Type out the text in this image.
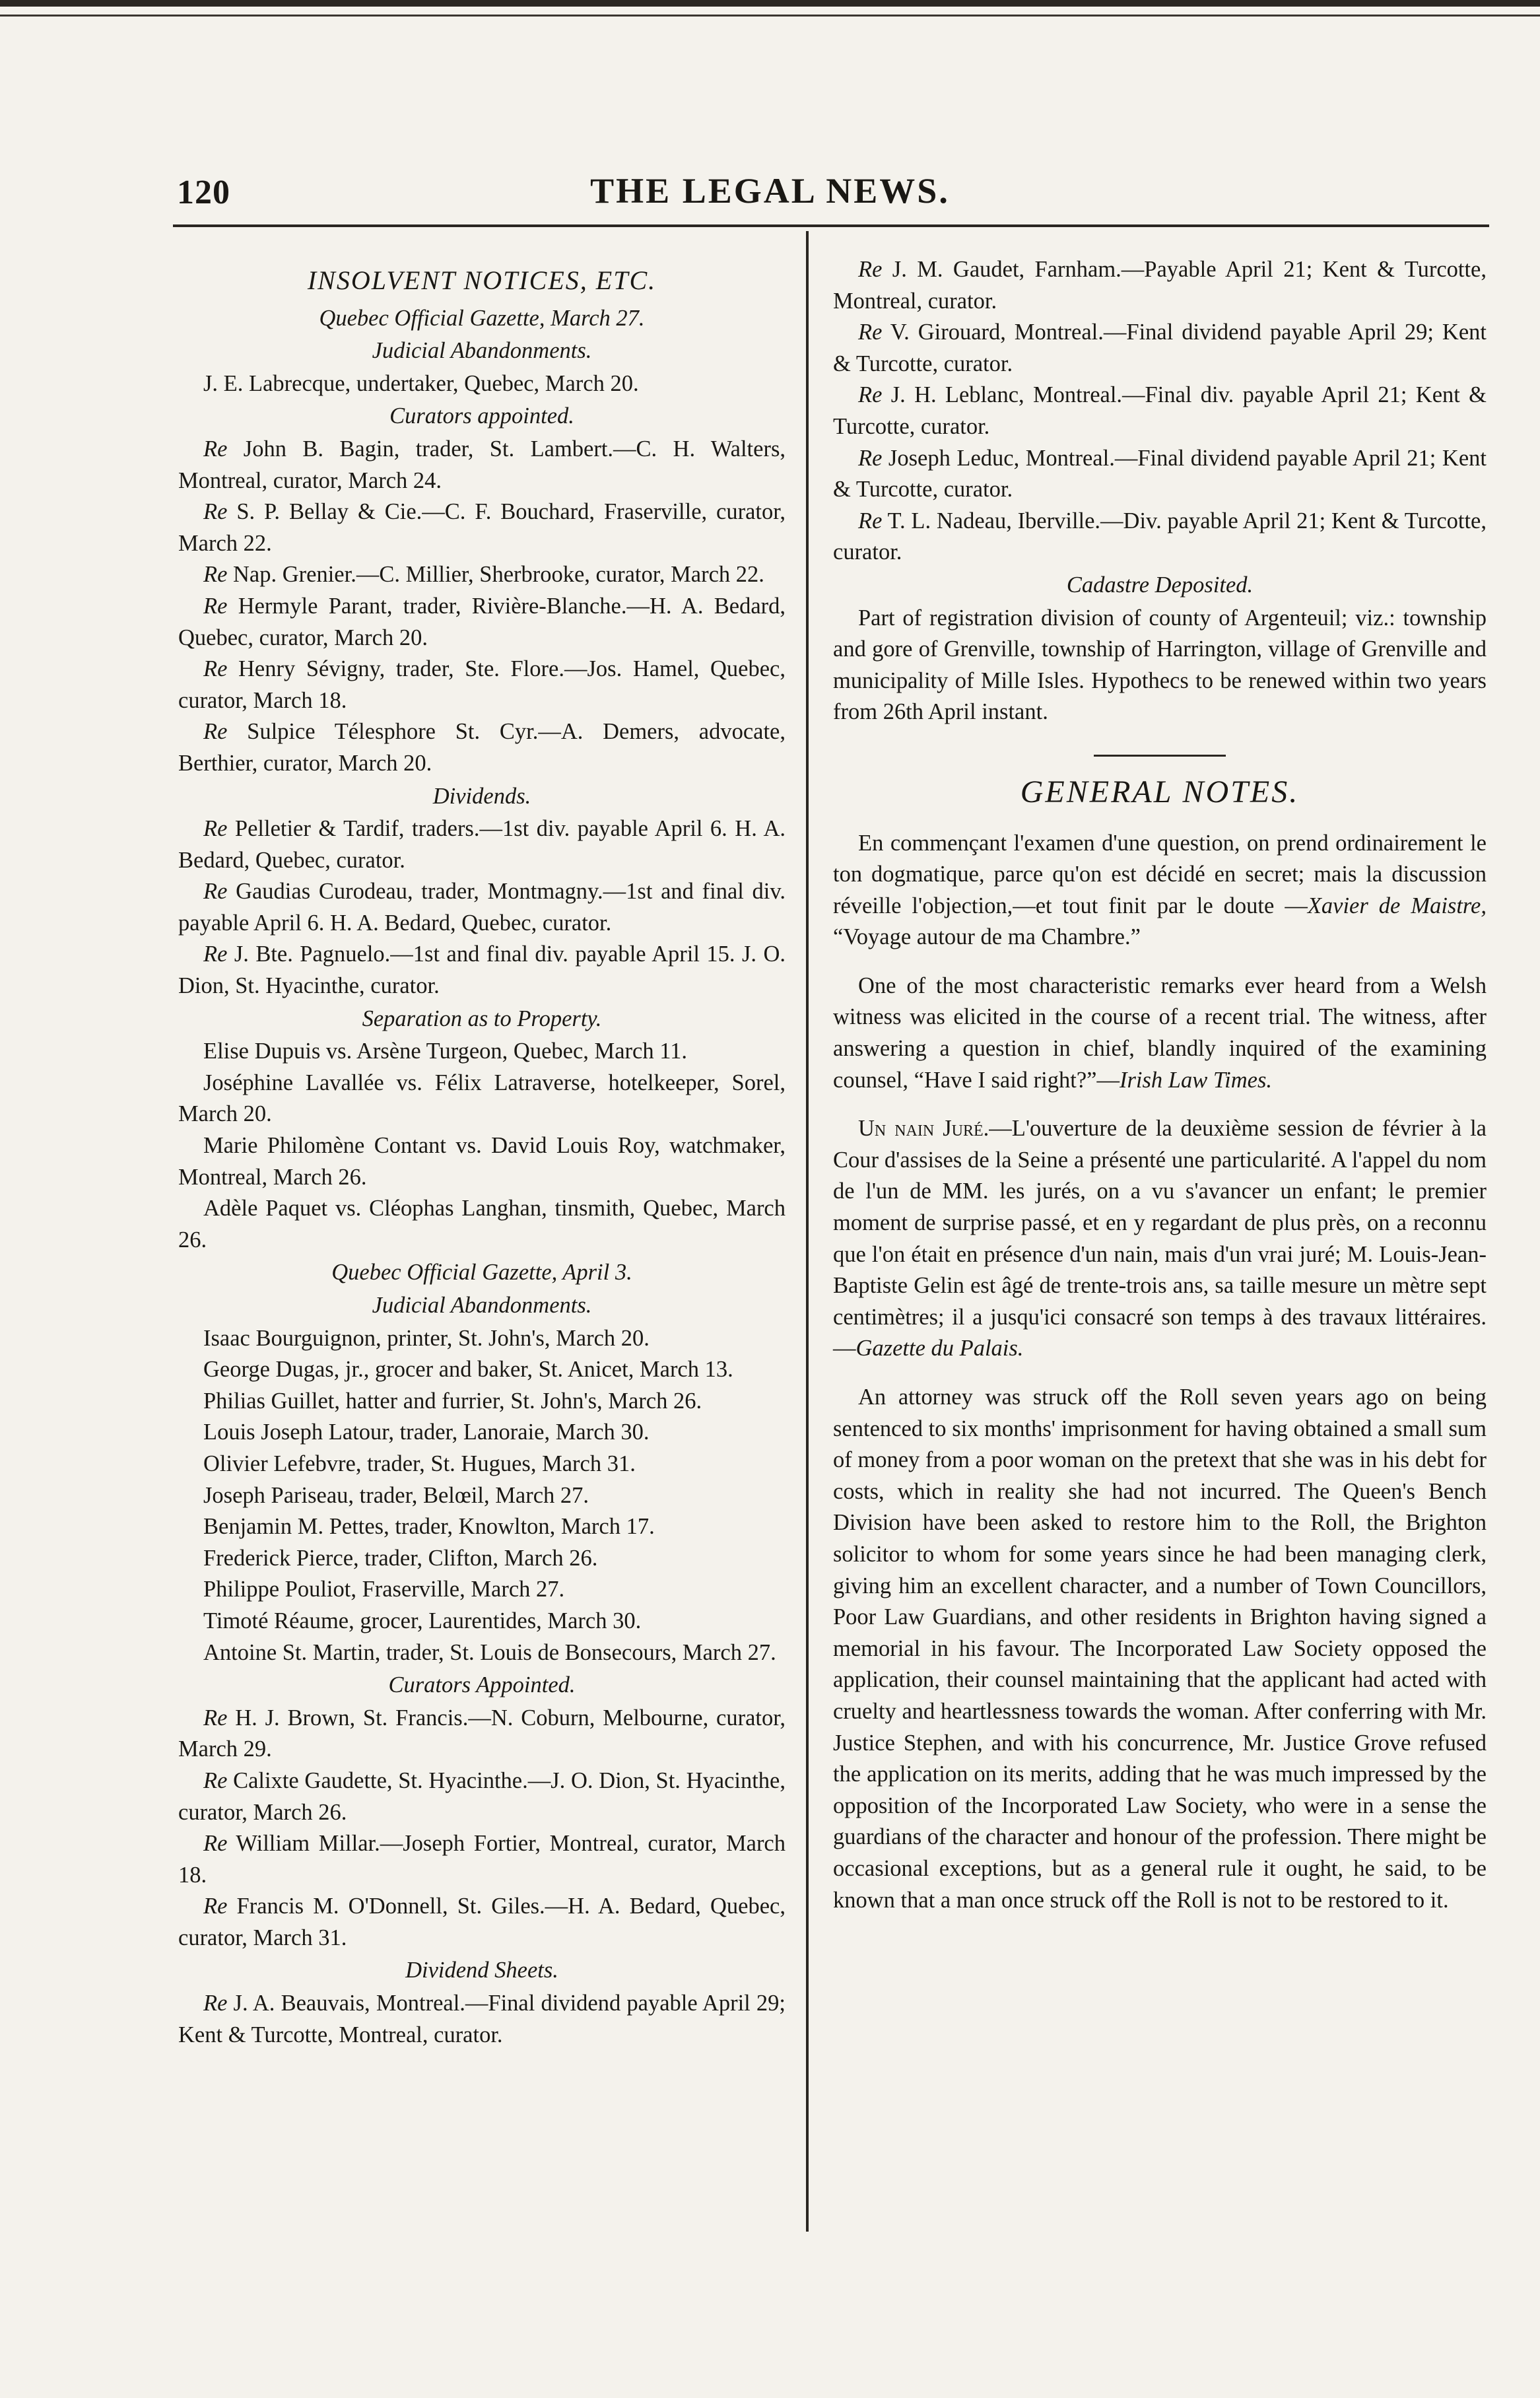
120	THE LEGAL NEWS.
INSOLVENT NOTICES, ETC.
Quebec Official Gazette, March 27.
Judicial Abandonments.

J. E. Labrecque, undertaker, Quebec, March 20.

Curators appointed.

Re John B. Bagin, trader, St. Lambert.—C. H. Walters, Montreal, curator, March 24.

Re S. P. Bellay & Cie.—C. F. Bouchard, Fraserville, curator, March 22.

Re Nap. Grenier.—C. Millier, Sherbrooke, curator, March 22.

Re Hermyle Parant, trader, Rivière-Blanche.—H. A. Bedard, Quebec, curator, March 20.

Re Henry Sévigny, trader, Ste. Flore.—Jos. Hamel, Quebec, curator, March 18.

Re Sulpice Télesphore St. Cyr.—A. Demers, advocate, Berthier, curator, March 20.

Dividends.

Re Pelletier & Tardif, traders.—1st div. payable April 6. H. A. Bedard, Quebec, curator.

Re Gaudias Curodeau, trader, Montmagny.—1st and final div. payable April 6. H. A. Bedard, Quebec, curator.

Re J. Bte. Pagnuelo.—1st and final div. payable April 15. J. O. Dion, St. Hyacinthe, curator.

Separation as to Property.

Elise Dupuis vs. Arsène Turgeon, Quebec, March 11.

Joséphine Lavallée vs. Félix Latraverse, hotelkeeper, Sorel, March 20.

Marie Philomène Contant vs. David Louis Roy, watchmaker, Montreal, March 26.

Adèle Paquet vs. Cléophas Langhan, tinsmith, Quebec, March 26.

Quebec Official Gazette, April 3.
Judicial Abandonments.

Isaac Bourguignon, printer, St. John's, March 20.

George Dugas, jr., grocer and baker, St. Anicet, March 13.

Philias Guillet, hatter and furrier, St. John's, March 26.

Louis Joseph Latour, trader, Lanoraie, March 30.

Olivier Lefebvre, trader, St. Hugues, March 31.

Joseph Pariseau, trader, Belœil, March 27.

Benjamin M. Pettes, trader, Knowlton, March 17.

Frederick Pierce, trader, Clifton, March 26.

Philippe Pouliot, Fraserville, March 27.

Timoté Réaume, grocer, Laurentides, March 30.

Antoine St. Martin, trader, St. Louis de Bonsecours, March 27.

Curators Appointed.

Re H. J. Brown, St. Francis.—N. Coburn, Melbourne, curator, March 29.

Re Calixte Gaudette, St. Hyacinthe.—J. O. Dion, St. Hyacinthe, curator, March 26.

Re William Millar.—Joseph Fortier, Montreal, curator, March 18.

Re Francis M. O'Donnell, St. Giles.—H. A. Bedard, Quebec, curator, March 31.

Dividend Sheets.

Re J. A. Beauvais, Montreal.—Final dividend payable April 29; Kent & Turcotte, Montreal, curator.

Re J. M. Gaudet, Farnham.—Payable April 21; Kent & Turcotte, Montreal, curator.

Re V. Girouard, Montreal.—Final dividend payable April 29; Kent & Turcotte, curator.

Re J. H. Leblanc, Montreal.—Final div. payable April 21; Kent & Turcotte, curator.

Re Joseph Leduc, Montreal.—Final dividend payable April 21; Kent & Turcotte, curator.

Re T. L. Nadeau, Iberville.—Div. payable April 21; Kent & Turcotte, curator.

Cadastre Deposited.

Part of registration division of county of Argenteuil; viz.: township and gore of Grenville, township of Harrington, village of Grenville and municipality of Mille Isles. Hypothecs to be renewed within two years from 26th April instant.

GENERAL NOTES.

En commençant l'examen d'une question, on prend ordinairement le ton dogmatique, parce qu'on est décidé en secret; mais la discussion réveille l'objection,—et tout finit par le doute —Xavier de Maistre, “Voyage autour de ma Chambre.”

One of the most characteristic remarks ever heard from a Welsh witness was elicited in the course of a recent trial. The witness, after answering a question in chief, blandly inquired of the examining counsel, “Have I said right?”—Irish Law Times.

Un nain Juré.—L'ouverture de la deuxième session de février à la Cour d'assises de la Seine a présenté une particularité. A l'appel du nom de l'un de MM. les jurés, on a vu s'avancer un enfant; le premier moment de surprise passé, et en y regardant de plus près, on a reconnu que l'on était en présence d'un nain, mais d'un vrai juré; M. Louis-Jean-Baptiste Gelin est âgé de trente-trois ans, sa taille mesure un mètre sept centimètres; il a jusqu'ici consacré son temps à des travaux littéraires.—Gazette du Palais.

An attorney was struck off the Roll seven years ago on being sentenced to six months' imprisonment for having obtained a small sum of money from a poor woman on the pretext that she was in his debt for costs, which in reality she had not incurred. The Queen's Bench Division have been asked to restore him to the Roll, the Brighton solicitor to whom for some years since he had been managing clerk, giving him an excellent character, and a number of Town Councillors, Poor Law Guardians, and other residents in Brighton having signed a memorial in his favour. The Incorporated Law Society opposed the application, their counsel maintaining that the applicant had acted with cruelty and heartlessness towards the woman. After conferring with Mr. Justice Stephen, and with his concurrence, Mr. Justice Grove refused the application on its merits, adding that he was much impressed by the opposition of the Incorporated Law Society, who were in a sense the guardians of the character and honour of the profession. There might be occasional exceptions, but as a general rule it ought, he said, to be known that a man once struck off the Roll is not to be restored to it.
